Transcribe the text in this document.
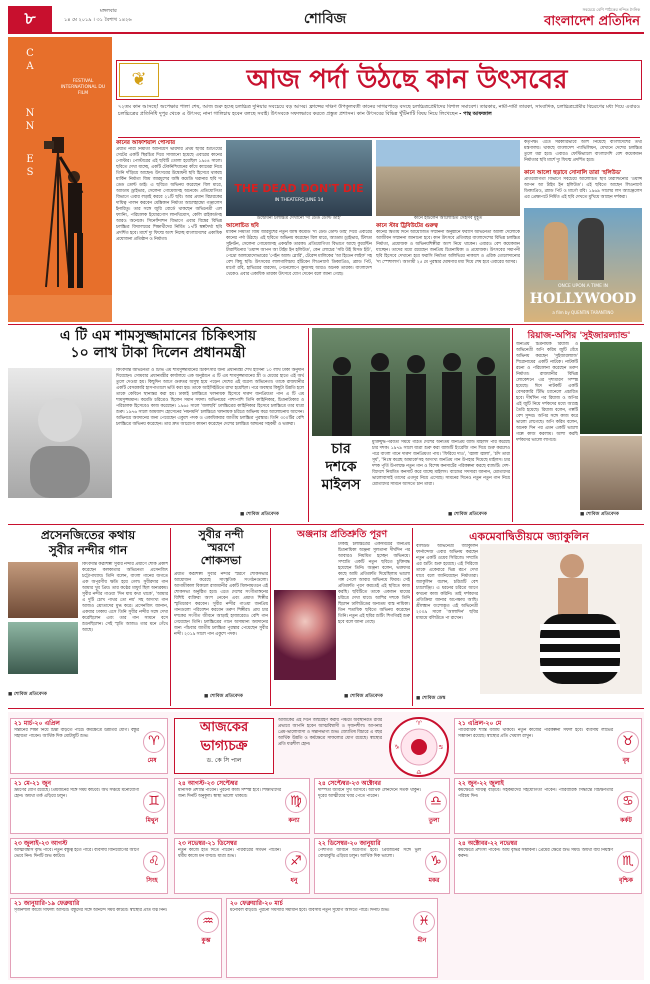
৮	মঙ্গলবার
১৪ মে ২০১৯ । ৩১ বৈশাখ ১৪২৬	শোবিজ
সবচেয়ে বেশি পাঠকের নন্দিত দৈনিক
বাংলাদেশ প্রতিদিন
C
A
N
N
E
S
FESTIVAL INTERNATIONAL DU FILM
❦	আজ পর্দা উঠছে কান উৎসবের
৭২তম কান আসছে! অপেক্ষার পালা শেষ, আজ শুরু হচ্ছে চলচ্চিত্র দুনিয়ার সবচেয়ে বড় আসর। ফ্রান্সের দক্ষিণ উপকূলবর্তী কানের সাগরপাড়ে বসছে চলচ্চিত্রপ্রেমীদের বিশাল সমাবেশ। তারকার, নামী-দামী তারকা, সাংবাদিক, চলচ্চিত্রপ্রেমীর বিচরণের মধ্য দিয়ে এবারও চলচ্চিত্রের প্রতিনিধি দুপুর থেকে এ উৎসব; নানা গালিচায় হবেন বলছে সবাই। উৎসবকে সফলভাবে করতে প্রস্তুত প্রশাসন। কান উৎসবের বিভিন্ন খুঁটিনাটি বিষয় নিয়ে লিখেছেন - পান্থ আফজাল
কানের অফিশিয়াল পোস্টার
প্রয়াত নারী নির্মাতা আনিয়েস ভারদার প্রথম ছবির শুটিংয়ের সেটের একটি স্থিরচিত্র দিয়ে সাজানো হয়েছে এবারের কানের পোস্টার। পোস্টারের এই ছবিটি তোলা হয়েছিল ১৯৫৪ সালে। ছবিতে দেখা যাচ্ছে, একটি টেকনিশিয়ানের কাঁধে ক্যামেরা নিয়ে তিনি দাঁড়িয়ে আছেন। উৎসবের উদ্বোধনী ছবি হিসেবে থাকছে মার্কিন নির্মাতা জিম জারমুশের জম্বি কমেডি ঘরানার ছবি দ্য ডেড ডোন্ট ডাই। এ ছবিতে অভিনয় করেছেন বিল মারে, অ্যাডাম ড্রাইভার, সেলেনা গোমেজসহ অনেকে। প্রতিযোগিতা বিভাগে এবার লড়াই করবে ২১টি ছবি। আর প্রধান বিচারকের দায়িত্ব পালন করবেন মেক্সিকান নির্মাতা আলেহান্দ্রো গঞ্জালেস ইনারিতু। তার সঙ্গে জুরি বোর্ডে থাকছেন অভিনেত্রী এল ফ্যানিং, পরিচালক ইয়োরগোস লানথিমোস, কেলি রাইকার্ডসহ আরও অনেকে। সিনেফঁদাশন বিভাগে এবার বিশ্বের বিভিন্ন চলচ্চিত্র বিদ্যালয়ের শিক্ষার্থীদের নির্মিত ১৭টি স্বল্পদৈর্ঘ্য ছবি প্রদর্শিত হবে। মার্শে দ্যু ফিল্মে অংশ নিচ্ছে বাংলাদেশের একাধিক প্রযোজনা প্রতিষ্ঠান ও নির্মাতা।
THE DEAD DON'T DIE
IN THEATERS JUNE 14
উদ্বোধনী চলচ্চিত্র দেখানো 'দ্য ডেড ডোন্ট ডাই'
আলোচিত ছবি
মার্কিন নির্মাতা জিম জারমুশের নতুন জম্বি কমেডি 'দ্য ডেড ডোন্ট ডাই' দিয়ে এবারের কানের পর্দা উঠছে। এই ছবিতে অভিনয় করেছেন বিল মারে, অ্যাডাম ড্রাইভার, টিলডা সুইনটন, সেলেনা গোমেজসহ একঝাঁক তারকা। প্রতিযোগিতা বিভাগে আছে কুয়েন্টিন টারান্টিনোর 'ওয়ান্স আপন আ টাইম ইন হলিউড', কেন লোচের 'সরি উই মিসড ইউ', পেদ্রো আলমোদোভারের 'পেইন অ্যান্ড গ্লোরি', টেরেন্স মালিকের 'আ হিডেন লাইফ' সহ বেশ কিছু ছবি। উৎসবের লালগালিচায় হাঁটবেন লিওনার্দো ডিক্যাপ্রিও, ব্র্যাড পিট, মার্গো রবি, হাভিয়ের বারদেম, পেনেলোপে ক্রুজসহ আরও অনেক তারকা। বাংলাদেশ থেকেও এবার একাধিক তারকা উৎসবে যোগ দেবেন বলে জানা গেছে।
কানে হাঁটলেন আলোচিত সেইসব মুহূর্ত
কানে স্টার ট্রিবিউটের গুরুত্ব
কানের দ্বিতীয় দিনে আয়োজিত সম্মাননা অনুষ্ঠানে ফরাসি অভিনেতা অ্যালাঁ দেলোঁকে আজীবন সম্মাননা জানানো হবে। কান উৎসবে প্রতিবছর বাংলাদেশের বিভিন্ন চলচ্চিত্র নির্মাতা, প্রযোজক ও অভিনয়শিল্পীরা অংশ নিয়ে থাকেন। এবারও বেশ কয়েকজন যাচ্ছেন। তাদের মধ্যে রয়েছেন জনপ্রিয় চিত্রনায়িকা ও প্রযোজক। উৎসবের সমাপনী ছবি হিসেবে দেখানো হবে ফরাসি নির্মাতা অলিভিয়ে নাকাশে ও এরিক তোলেদানোর 'দ্য স্পেশালস'। আগামী ২৫ মে পুরস্কার ঘোষণার মধ্য দিয়ে শেষ হবে এবারের আসর।
কর্তৃপক্ষ। এতে সরকারিভাবে অংশ নিয়েছে বাংলাদেশের তথ্য মন্ত্রণালয়। থাকছে বাংলাদেশ প্যাভিলিয়ন, যেখানে দেশের চলচ্চিত্র তুলে ধরা হবে। এবারও ফেস্টিভ্যালে বাংলাদেশি বেশ কয়েকজন নির্মাতার ছবি মার্শে দ্যু ফিল্মে প্রদর্শিত হবে।
কানে আলো ছড়াবে সোনালি তারা 'হলিউড'
প্রতিযোগিতা বিভাগে সবচেয়ে আলোচিত ছবি টারান্টিনোর 'ওয়ান্স আপন আ টাইম ইন হলিউড'। এই ছবিতে আছেন লিওনার্দো ডিক্যাপ্রিও, ব্র্যাড পিট ও মার্গো রবি। ১৯৬৯ সালের লস অ্যাঞ্জেলেস এর প্রেক্ষাপটে নির্মিত এই ছবি দেখতে মুখিয়ে আছেন দর্শকরা।
ONCE UPON A TIME IN
HOLLYWOOD
a film by QUENTIN TARANTINO
এ টি এম শামসুজ্জামানের চিকিৎসায়
১০ লাখ টাকা দিলেন প্রধানমন্ত্রী
কিংবদন্তি অভিনেতা ও টিভি এম শামসুজ্জামানের চিকিৎসার জন্য প্রধানমন্ত্রী শেখ হাসিনা ১০ লাখ টাকা অনুদান দিয়েছেন। সোমবার প্রধানমন্ত্রীর কার্যালয়ে এক অনুষ্ঠানে এ টি এম শামসুজ্জামানের স্ত্রী ও মেয়ের হাতে এই অর্থ তুলে দেওয়া হয়। কিছুদিন আগে গুরুতর অসুস্থ হয়ে পড়েন দেশের এই বরেণ্য অভিনেতা। তাকে রাজধানীর একটি বেসরকারি হাসপাতালে ভর্তি করা হয়। তাকে আইসিইউতে রাখা হয়েছিল। পরে অবস্থার কিছুটা উন্নতি হলে তাকে কেবিনে স্থানান্তর করা হয়। ঢাকাই চলচ্চিত্রে খলনায়ক হিসেবে দারুণ জনপ্রিয়তা পান এ টি এম শামসুজ্জামান। কমেডি চরিত্রেও ছিলেন সমান সফল। অভিনয়ের পাশাপাশি তিনি কাহিনিকার, চিত্রনাট্যকার ও পরিচালক হিসেবেও কাজ করেছেন। ১৯৬৫ সালে 'জলছবি' চলচ্চিত্রের কাহিনিকার হিসেবে চলচ্চিত্রে তার যাত্রা শুরু। ১৯৭৬ সালে আমজাদ হোসেনের 'নয়নমনি' চলচ্চিত্রে খলনায়ক চরিত্রে অভিনয় করে আলোচনায় আসেন। অভিনয়ে অবদানের জন্য পেয়েছেন একুশে পদক ও একাধিকবার জাতীয় চলচ্চিত্র পুরস্কার। তিনি ৩০০টির বেশি চলচ্চিত্রে অভিনয় করেছেন। তার দ্রুত আরোগ্য কামনা করেছেন দেশের চলচ্চিত্র অঙ্গনের সহকর্মী ও ভক্তরা।
■ শোবিজ প্রতিবেদক
চার
দশকে
মাইলস
মুক্তিযুদ্ধ-পরবর্তী সময়ে গঠিত দেশের অন্যতম জনপ্রিয় ব্যান্ড মাইলস পার করেছে চার দশক। ১৯৭৯ সালে যাত্রা শুরু করা ব্যান্ডটি ইংরেজি গান দিয়ে শুরু করলেও পরে বাংলা গানে দারুণ জনপ্রিয়তা পায়। 'ফিরিয়ে দাও', 'জ্বালা জ্বালা', 'চাঁদ তারা সূর্য', 'নিঃস্ব করেছ আমাকে'সহ অসংখ্য জনপ্রিয় গান উপহার দিয়েছে মাইলস। চার দশক পূর্তি উপলক্ষে নতুন গান ও বিশেষ কনসার্টের পরিকল্পনা করছে ব্যান্ডটি। দেশ-বিদেশে নিয়মিত কনসার্ট করে যাচ্ছে মাইলস। ব্যান্ডের সদস্যরা জানান, শ্রোতাদের ভালোবাসাই তাদের এতদূর নিয়ে এসেছে। সামনের দিনেও নতুন নতুন গান নিয়ে শ্রোতাদের সামনে আসতে চান তারা।
■ শোবিজ প্রতিবেদক
রিয়াজ-অপির 'সুইজারল্যান্ড'
জনপ্রিয় চিত্রনায়ক রিয়াজ ও অভিনেত্রী অপি করিম জুটি বেঁধে অভিনয় করছেন 'সুইজারল্যান্ড' শিরোনামের একটি নাটকে। নাটকটি রচনা ও পরিচালনা করেছেন তরুণ নির্মাতা। রাজধানীর বিভিন্ন লোকেশনে এর দৃশ্যধারণ সম্পন্ন হয়েছে। ঈদে নাটকটি একটি বেসরকারি টিভি চ্যানেলে প্রচারিত হবে। দীর্ঘদিন পর রিয়াজ ও অপির এই জুটি নিয়ে দর্শকদের মধ্যে আগ্রহ তৈরি হয়েছে। রিয়াজ বলেন, গল্পটি বেশ সুন্দর। অপির সঙ্গে কাজ করে ভালো লেগেছে। অপি করিম বলেন, অনেক দিন পর এমন একটি ভালো গল্পে কাজ করলাম। আশা করছি দর্শকদের ভালো লাগবে।
■ শোবিজ প্রতিবেদক
প্রসেনজিতের কথায়
সুবীর নন্দীর গান
কিংবদন্তি কণ্ঠশিল্পী সুবীর নন্দীর প্রয়াণে শোক প্রকাশ করেছেন কলকাতার অভিনেতা প্রসেনজিৎ চট্টোপাধ্যায়। তিনি বলেন, বাংলা গানের জগতে এক অপূরণীয় ক্ষতি হয়ে গেল। সুবীরদার গান আমার খুব প্রিয়। তার কণ্ঠের মাধুর্য ছিল অন্যরকম। সুবীর নন্দীর গাওয়া 'দিন যায় কথা থাকে', 'আমার এ দুটি চোখ পাথর তো নয়' সহ অসংখ্য গান আজও শ্রোতাদের মুগ্ধ করে। প্রসেনজিৎ জানান, একবার ঢাকায় এসে তিনি সুবীর নন্দীর সঙ্গে দেখা করেছিলেন এবং তার গান সামনে বসে শুনেছিলেন। সেই স্মৃতি আজও তার মনে গেঁথে আছে।
■ শোবিজ প্রতিবেদক
সুবীর নন্দী
স্মরণে
শোকসভা
প্রয়াত কণ্ঠশিল্পী সুবীর নন্দীর স্মরণে শোকসভার আয়োজন করেছে সাংস্কৃতিক সংগঠনগুলো। আগামীকাল বিকালে রাজধানীর একটি মিলনায়তনে এই শোকসভা অনুষ্ঠিত হবে। এতে দেশের সংগীতাঙ্গনের বিশিষ্ট ব্যক্তিরা অংশ নেবেন এবং প্রয়াত শিল্পীর স্মৃতিচারণ করবেন। সুবীর নন্দীর গাওয়া জনপ্রিয় গানগুলো পরিবেশন করবেন তরুণ শিল্পীরা। প্রায় চার দশকের সংগীত জীবনে আড়াই হাজারেরও বেশি গান গেয়েছেন তিনি। চলচ্চিত্রের গানে অসামান্য অবদানের জন্য পাঁচবার জাতীয় চলচ্চিত্র পুরস্কার পেয়েছেন সুবীর নন্দী। ২০১৯ সালে পান একুশে পদক।
■ শোবিজ প্রতিবেদক
অঞ্জনার প্রতিশ্রুতি পূরণ
ঢাকাই চলচ্চিত্রের একসময়ের জনপ্রিয় চিত্রনায়িকা অঞ্জনা সুলতানা দীর্ঘদিন পর আবারও নিয়মিত হচ্ছেন অভিনয়ে। সম্প্রতি একটি নতুন ছবিতে চুক্তিবদ্ধ হয়েছেন তিনি। অঞ্জনা বলেন, ভক্তদের কাছে আমি প্রতিশ্রুতি দিয়েছিলাম ভালো গল্প পেলে আবার অভিনয়ে ফিরব। সেই প্রতিশ্রুতি পূরণ করতেই এই ছবিতে কাজ করছি। ছবিটিতে তাকে একজন মায়ের চরিত্রে দেখা যাবে। আশির দশকে তিনি ছিলেন ঢালিউডের অন্যতম ব্যস্ত নায়িকা। তিন শতাধিক ছবিতে অভিনয় করেছেন তিনি। নতুন এই ছবির শুটিং শিগগিরই শুরু হবে বলে জানা গেছে।
■ শোবিজ প্রতিবেদক
একমেবাদ্বিতীয়মে জ্যাকুলিন
বলিউড অভিনেত্রী জ্যাকুলিন ফার্নান্দেজ এবার অভিনয় করছেন নতুন একটি ওয়েব সিরিজে। সম্প্রতি এর শুটিং শুরু হয়েছে। এই সিরিজে তাকে একেবারে ভিন্ন রূপে দেখা যাবে বলে জানিয়েছেন নির্মাতারা। জ্যাকুলিন বলেন, চরিত্রটি বেশ চ্যালেঞ্জিং। এ ধরনের চরিত্রে আগে কখনো কাজ করিনি। তাই দর্শকদের প্রতিক্রিয়া জানার অপেক্ষায় আছি। শ্রীলঙ্কান বংশোদ্ভূত এই অভিনেত্রী ২০০৯ সালে 'আলাদিন' ছবির মাধ্যমে বলিউডে পা রাখেন।
■ শোবিজ ডেস্ক
আজকের
ভাগ্যচক্র
ড. কে সি পাল
আজকের এই দিনে জন্মগ্রহণ করায় পঞ্চমে অবস্থানরত রবির প্রভাবে আপনি হবেন আত্মবিশ্বাসী ও সৃজনশীল। আপনার প্রেম-ভালোবাসা ও সন্তানভাগ্য শুভ। জ্যোতিষ বিচারে এ বছর আর্থিক উন্নতি ও কর্মক্ষেত্রে সাফল্যের যোগ রয়েছে। স্বাস্থ্যের প্রতি যত্নশীল হোন।
♈
♋
♎
♑
২১ মার্চ-২০ এপ্রিল
সন্তানের শিক্ষা নিয়ে চিন্তা বাড়তে পারে। কর্মক্ষেত্রে উন্নতির যোগ। বন্ধুর সহায়তা পাবেন। আর্থিক দিক মোটামুটি শুভ।	♈
মেষ
২১ এপ্রিল-২০ মে
পারিবারিক শান্তি বজায় থাকবে। নতুন কাজের পরিকল্পনা সফল হবে। ব্যবসায় লাভের সম্ভাবনা রয়েছে। স্বাস্থ্যের প্রতি খেয়াল রাখুন।	♉
বৃষ
২১ মে-২১ জুন
ভ্রমণের যোগ রয়েছে। প্রিয়জনের সঙ্গে সময় কাটবে। অর্থ সঞ্চয়ে মনোযোগী হোন। অযথা তর্ক এড়িয়ে চলুন।	♊
মিথুন
২২ জুন-২২ জুলাই
কর্মক্ষেত্রে দায়িত্ব বাড়বে। সহকর্মীদের সহযোগিতা পাবেন। পারিবারিক সিদ্ধান্তে বিচক্ষণতার পরিচয় দিন।	♋
কর্কট
২৩ জুলাই-২৩ আগস্ট
আত্মবিশ্বাস বৃদ্ধি পাবে। নতুন বন্ধুত্ব হতে পারে। ব্যবসায় বিনিয়োগের আগে ভেবে নিন। দিনটি শুভ কাটবে।	♌
সিংহ
২৪ আগস্ট-২৩ সেপ্টেম্বর
মানসিক প্রশান্তি পাবেন। পুরনো কাজ সম্পন্ন হবে। শিক্ষার্থীদের জন্য দিনটি অনুকূল। স্বাস্থ্য ভালো থাকবে।	♍
কন্যা
২৪ সেপ্টেম্বর-২৩ অক্টোবর
দাম্পত্য জীবনে সুখ আসবে। আর্থিক লেনদেনে সতর্ক থাকুন। দূরের আত্মীয়ের খবর পেতে পারেন।	♎
তুলা
২৪ অক্টোবর-২২ নভেম্বর
কর্মক্ষেত্রে প্রশংসা পাবেন। আয় বৃদ্ধির সম্ভাবনা। প্রেমের ক্ষেত্রে শুভ সময়। অযথা ব্যয় নিয়ন্ত্রণ করুন।	♏
বৃশ্চিক
২৩ নভেম্বর-২১ ডিসেম্বর
নতুন কাজে হাত দিতে পারেন। পরিবারের সমর্থন পাবেন। ধর্মীয় কাজে মন বসবে। যাত্রা শুভ।	♐
ধনু
২২ ডিসেম্বর-২০ জানুয়ারি
পেশাগত জীবনে অগ্রগতি হবে। প্রিয়জনের সঙ্গে ভুল বোঝাবুঝি এড়িয়ে চলুন। আর্থিক দিক ভালো।	♑
মকর
২১ জানুয়ারি-১৯ ফেব্রুয়ারি
সৃজনশীল কাজে সাফল্য আসবে। বন্ধুদের সঙ্গে আনন্দে সময় কাটবে। স্বাস্থ্যের প্রতি যত্ন নিন।
♒
কুম্ভ
২০ ফেব্রুয়ারি-২০ মার্চ
মনোবল বাড়বে। পুরনো সমস্যার সমাধান হবে। ব্যবসায় নতুন সুযোগ আসতে পারে। দিনটি শুভ।
♓
মীন
